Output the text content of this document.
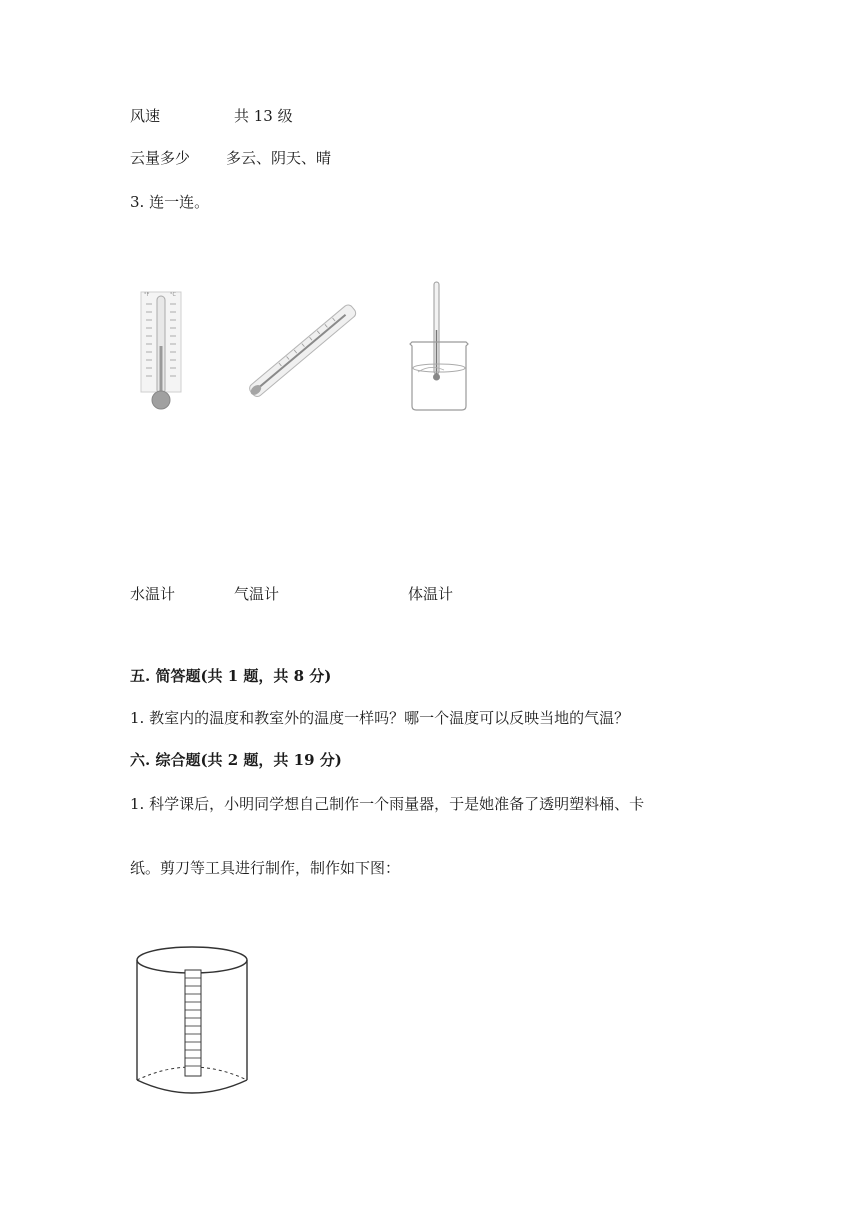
风速	共 13 级
云量多少 多云、阴天、晴
3. 连一连。
°F	°C
水温计	气温计	体温计
五. 简答题(共 1 题，共 8 分)
1. 教室内的温度和教室外的温度一样吗？哪一个温度可以反映当地的气温？
六. 综合题(共 2 题，共 19 分)
1. 科学课后，小明同学想自己制作一个雨量器，于是她准备了透明塑料桶、卡
纸。剪刀等工具进行制作，制作如下图：
